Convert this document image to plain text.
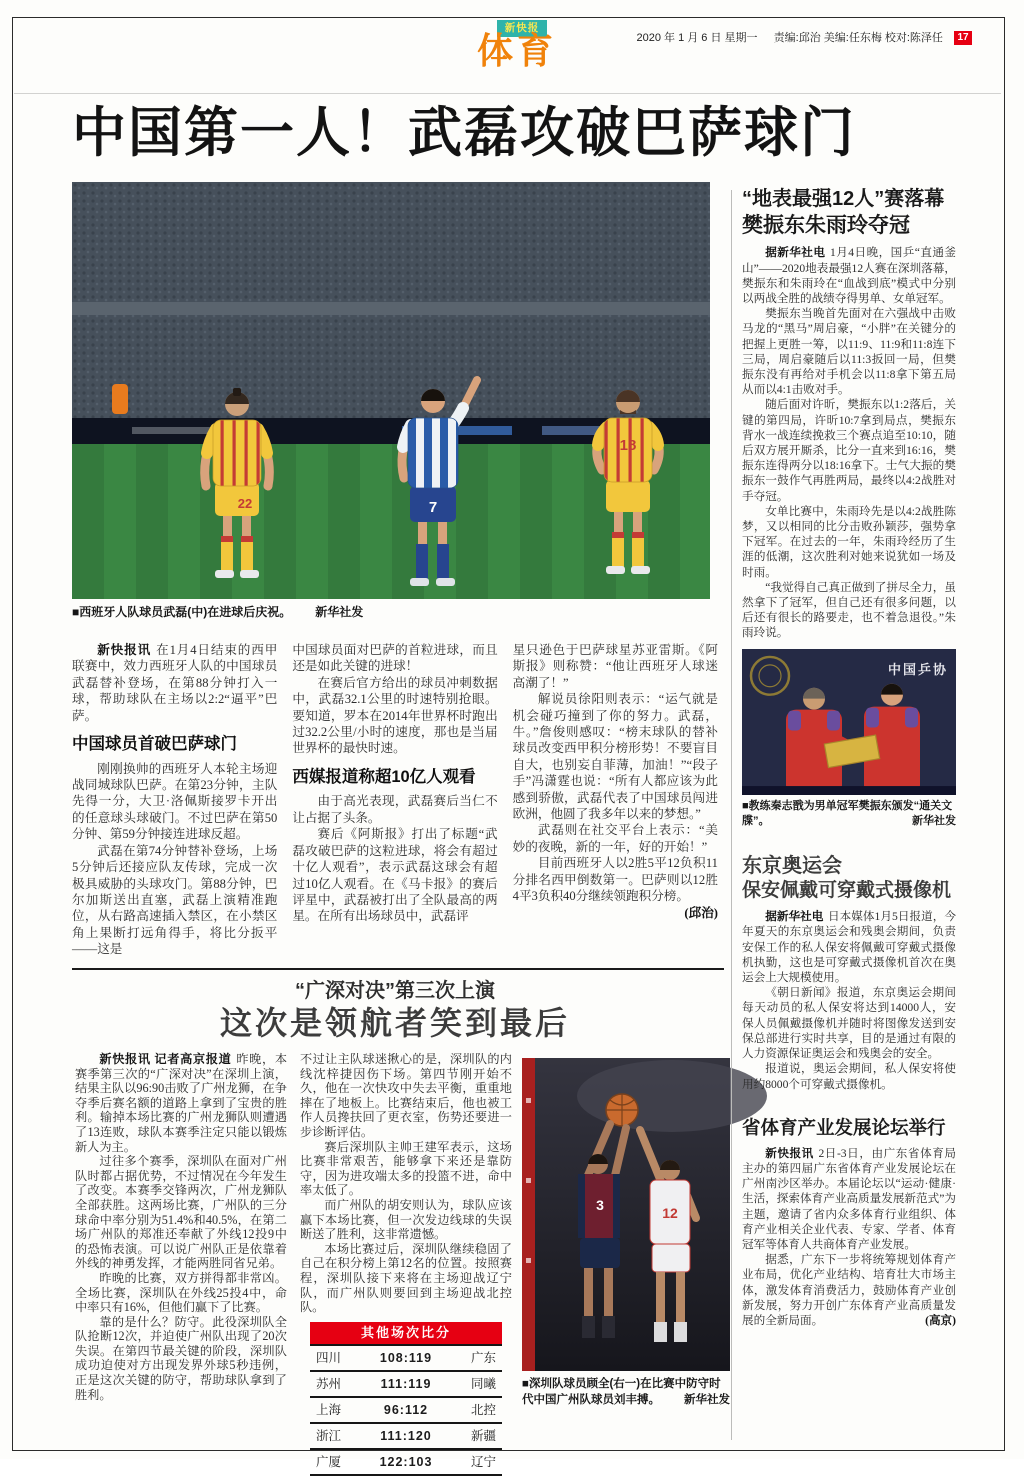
新快报
体育	2020 年 1 月 6 日 星期一 责编:邱治 美编:任东梅 校对:陈泽任 17
中国第一人！武磊攻破巴萨球门
22	7
18
■西班牙人队球员武磊(中)在进球后庆祝。 新华社发

新快报讯 在1月4日结束的西甲联赛中，效力西班牙人队的中国球员武磊替补登场，在第88分钟打入一球，帮助球队在主场以2:2“逼平”巴萨。

中国球员首破巴萨球门

刚刚换帅的西班牙人本轮主场迎战同城球队巴萨。在第23分钟，主队先得一分，大卫·洛佩斯接罗卡开出的任意球头球破门。不过巴萨在第50分钟、第59分钟接连进球反超。

武磊在第74分钟替补登场，上场5分钟后还接应队友传球，完成一次极具威胁的头球攻门。第88分钟，巴尔加斯送出直塞，武磊上演精准跑位，从右路高速插入禁区，在小禁区角上果断打远角得手，将比分扳平——这是

中国球员面对巴萨的首粒进球，而且还是如此关键的进球！

在赛后官方给出的球员冲刺数据中，武磊32.1公里的时速特别抢眼。要知道，罗本在2014年世界杯时跑出过32.2公里/小时的速度，那也是当届世界杯的最快时速。

西媒报道称超10亿人观看

由于高光表现，武磊赛后当仁不让占据了头条。

赛后《阿斯报》打出了标题“武磊攻破巴萨的这粒进球，将会有超过十亿人观看”，表示武磊这球会有超过10亿人观看。在《马卡报》的赛后评星中，武磊被打出了全队最高的两星。在所有出场球员中，武磊评

星只逊色于巴萨球星苏亚雷斯。《阿斯报》则称赞：“他让西班牙人球迷高潮了！”

解说员徐阳则表示：“运气就是机会碰巧撞到了你的努力。武磊，牛。”詹俊则感叹：“榜末球队的替补球员改变西甲积分榜形势！不要盲目自大，也别妄自菲薄，加油！”“段子手”冯潇霆也说：“所有人都应该为此感到骄傲，武磊代表了中国球员闯进欧洲，他圆了我多年以来的梦想。”

武磊则在社交平台上表示：“美妙的夜晚，新的一年，好的开始！”

目前西班牙人以2胜5平12负积11分排名西甲倒数第一。巴萨则以12胜4平3负积40分继续领跑积分榜。
(邱治)

“广深对决”第三次上演
这次是领航者笑到最后

新快报讯 记者高京报道 昨晚，本赛季第三次的“广深对决”在深圳上演，结果主队以96:90击败了广州龙狮，在争夺季后赛名额的道路上拿到了宝贵的胜利。输掉本场比赛的广州龙狮队则遭遇了13连败，球队本赛季注定只能以锻炼新人为主。

过往多个赛季，深圳队在面对广州队时都占据优势，不过情况在今年发生了改变。本赛季交锋两次，广州龙狮队全部获胜。这两场比赛，广州队的三分球命中率分别为51.4%和40.5%，在第二场广州队的郑准还奉献了外线12投9中的恐怖表演。可以说广州队正是依靠着外线的神勇发挥，才能两胜同省兄弟。

昨晚的比赛，双方拼得都非常凶。全场比赛，深圳队在外线25投4中，命中率只有16%，但他们赢下了比赛。

靠的是什么？防守。此役深圳队全队抢断12次，并迫使广州队出现了20次失误。在第四节最关键的阶段，深圳队成功迫使对方出现发界外球5秒违例，正是这次关键的防守，帮助球队拿到了胜利。

不过让主队球迷揪心的是，深圳队的内线沈梓捷因伤下场。第四节刚开始不久，他在一次快攻中失去平衡，重重地摔在了地板上。比赛结束后，他也被工作人员搀扶回了更衣室，伤势还要进一步诊断评估。

赛后深圳队主帅王建军表示，这场比赛非常艰苦，能够拿下来还是靠防守，因为进攻端太多的投篮不进，命中率太低了。

而广州队的胡安则认为，球队应该赢下本场比赛，但一次发边线球的失误断送了胜利，这非常遗憾。

本场比赛过后，深圳队继续稳固了自己在积分榜上第12名的位置。按照赛程，深圳队接下来将在主场迎战辽宁队，而广州队则要回到主场迎战北控队。

其他场次比分
四川	108:119	广东
苏州	111:119	同曦
上海	96:112	北控
浙江	111:120	新疆
广厦	122:103	辽宁
3	12
■深圳队球员顾全(右一)在比赛中防守时代中国广州队球员刘丰搏。 新华社发

“地表最强12人”赛落幕

樊振东朱雨玲夺冠

据新华社电 1月4日晚，国乒“直通釜山”——2020地表最强12人赛在深圳落幕，樊振东和朱雨玲在“血战到底”模式中分别以两战全胜的战绩夺得男单、女单冠军。

樊振东当晚首先面对在六强战中击败马龙的“黑马”周启豪，“小胖”在关键分的把握上更胜一筹，以11:9、11:9和11:8连下三局，周启豪随后以11:3扳回一局，但樊振东没有再给对手机会以11:8拿下第五局从而以4:1击败对手。

随后面对许昕，樊振东以1:2落后，关键的第四局，许昕10:7拿到局点，樊振东背水一战连续挽救三个赛点追至10:10，随后双方展开厮杀，比分一直来到16:16，樊振东连得两分以18:16拿下。士气大振的樊振东一鼓作气再胜两局，最终以4:2战胜对手夺冠。

女单比赛中，朱雨玲先是以4:2战胜陈梦，又以相同的比分击败孙颖莎，强势拿下冠军。在过去的一年，朱雨玲经历了生涯的低潮，这次胜利对她来说犹如一场及时雨。

“我觉得自己真正做到了拼尽全力，虽然拿下了冠军，但自己还有很多问题，以后还有很长的路要走，也不着急退役。”朱雨玲说。

中国乒协
■教练秦志戬为男单冠军樊振东颁发“通关文牒”。	新华社发

东京奥运会

保安佩戴可穿戴式摄像机

据新华社电 日本媒体1月5日报道，今年夏天的东京奥运会和残奥会期间，负责安保工作的私人保安将佩戴可穿戴式摄像机执勤，这也是可穿戴式摄像机首次在奥运会上大规模使用。

《朝日新闻》报道，东京奥运会期间每天动员的私人保安将达到14000人，安保人员佩戴摄像机并随时将图像发送到安保总部进行实时共享，目的是通过有限的人力资源保证奥运会和残奥会的安全。

报道说，奥运会期间，私人保安将使用约8000个可穿戴式摄像机。

省体育产业发展论坛举行

新快报讯 2日-3日，由广东省体育局主办的第四届广东省体育产业发展论坛在广州南沙区举办。本届论坛以“运动·健康·生活，探索体育产业高质量发展新范式”为主题，邀请了省内众多体育行业组织、体育产业相关企业代表、专家、学者、体育冠军等体育人共商体育产业发展。

据悉，广东下一步将统筹规划体育产业布局，优化产业结构、培育壮大市场主体，激发体育消费活力，鼓励体育产业创新发展，努力开创广东体育产业高质量发展的全新局面。	(高京)
